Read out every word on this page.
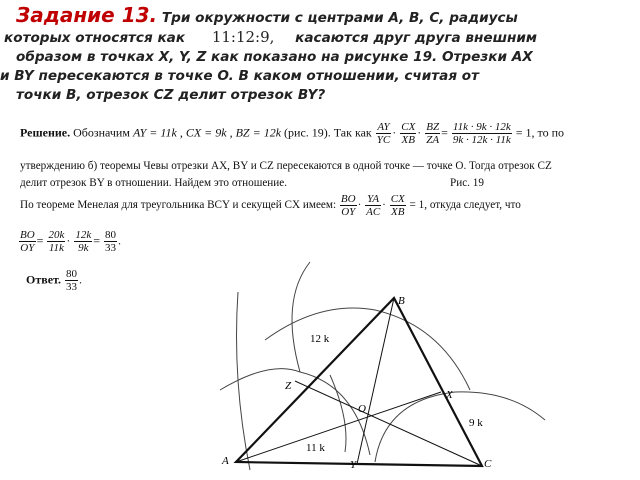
Задание 13. Три окружности с центрами A, B, C, радиусы
которых относятся как 11:12:9, касаются друг друга внешним
образом в точках X, Y, Z как показано на рисунке 19. Отрезки AX
и BY пересекаются в точке O. В каком отношении, считая от
точки B, отрезок CZ делит отрезок BY?
Решение. Обозначим AY = 11k , CX = 9k , BZ = 12k (рис. 19). Так как $\frac{AY}{YC} \cdot \frac{CX}{XB} \cdot \frac{BZ}{ZA} = \frac{11k \cdot 9k \cdot 12k}{9k \cdot 12k \cdot 11k} = 1$, то по
утверждению б) теоремы Чевы отрезки AX, BY и CZ пересекаются в одной точке — точке O. Тогда отрезок CZ
делит отрезок BY в отношении. Найдем это отношение.	Рис. 19
По теореме Менелая для треугольника BCY и секущей CX имеем: $\frac{BO}{OY} \cdot \frac{YA}{AC} \cdot \frac{CX}{XB} = 1$, откуда следует, что
$\frac{BO}{OY} = \frac{20k}{11k} \cdot \frac{12k}{9k} = \frac{80}{33}$ .
Ответ. $\frac{80}{33}$ .
B
A	C
X
Y
Z
O
12 k
11 k
9 k
